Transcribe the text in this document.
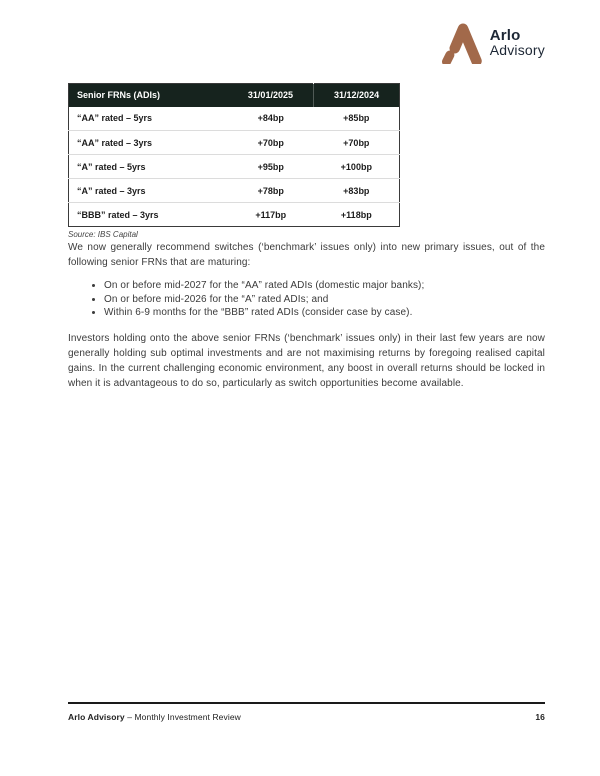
Arlo
Advisory
Senior FRNs (ADIs)	31/01/2025	31/12/2024
“AA” rated – 5yrs	+84bp	+85bp
“AA” rated – 3yrs	+70bp	+70bp
“A” rated – 5yrs	+95bp	+100bp
“A” rated – 3yrs	+78bp	+83bp
“BBB” rated – 3yrs	+117bp	+118bp
Source: IBS Capital

We now generally recommend switches (‘benchmark’ issues only) into new primary issues, out of the following senior FRNs that are maturing:

• On or before mid-2027 for the “AA” rated ADIs (domestic major banks);
• On or before mid-2026 for the “A” rated ADIs; and
• Within 6-9 months for the “BBB” rated ADIs (consider case by case).

Investors holding onto the above senior FRNs (‘benchmark’ issues only) in their last few years are now generally holding sub optimal investments and are not maximising returns by foregoing realised capital gains. In the current challenging economic environment, any boost in overall returns should be locked in when it is advantageous to do so, particularly as switch opportunities become available.

Arlo Advisory – Monthly Investment Review	16
